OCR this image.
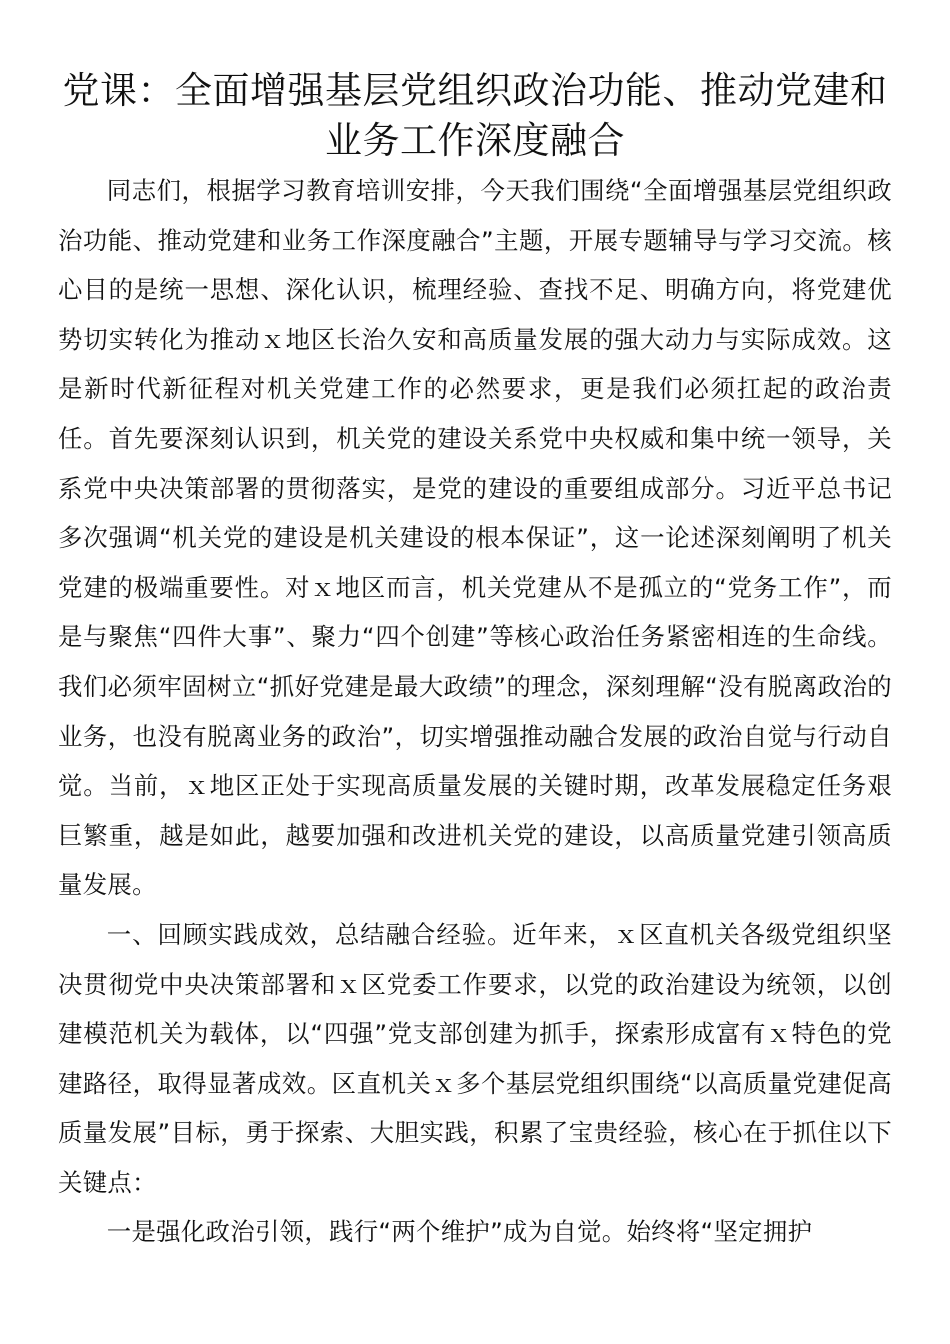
党课：全面增强基层党组织政治功能、推动党建和业务工作深度融合

同志们，根据学习教育培训安排，今天我们围绕“全面增强基层党组织政治功能、推动党建和业务工作深度融合”主题，开展专题辅导与学习交流。核心目的是统一思想、深化认识，梳理经验、查找不足、明确方向，将党建优势切实转化为推动ｘ地区长治久安和高质量发展的强大动力与实际成效。这是新时代新征程对机关党建工作的必然要求，更是我们必须扛起的政治责任。首先要深刻认识到，机关党的建设关系党中央权威和集中统一领导，关系党中央决策部署的贯彻落实，是党的建设的重要组成部分。习近平总书记多次强调“机关党的建设是机关建设的根本保证”，这一论述深刻阐明了机关党建的极端重要性。对ｘ地区而言，机关党建从不是孤立的“党务工作”，而是与聚焦“四件大事”、聚力“四个创建”等核心政治任务紧密相连的生命线。我们必须牢固树立“抓好党建是最大政绩”的理念，深刻理解“没有脱离政治的业务，也没有脱离业务的政治”，切实增强推动融合发展的政治自觉与行动自觉。当前，ｘ地区正处于实现高质量发展的关键时期，改革发展稳定任务艰巨繁重，越是如此，越要加强和改进机关党的建设，以高质量党建引领高质量发展。

一、回顾实践成效，总结融合经验。近年来，ｘ区直机关各级党组织坚决贯彻党中央决策部署和ｘ区党委工作要求，以党的政治建设为统领，以创建模范机关为载体，以“四强”党支部创建为抓手，探索形成富有ｘ特色的党建路径，取得显著成效。区直机关ｘ多个基层党组织围绕“以高质量党建促高质量发展”目标，勇于探索、大胆实践，积累了宝贵经验，核心在于抓住以下关键点：

一是强化政治引领，践行“两个维护”成为自觉。始终将“坚定拥护
